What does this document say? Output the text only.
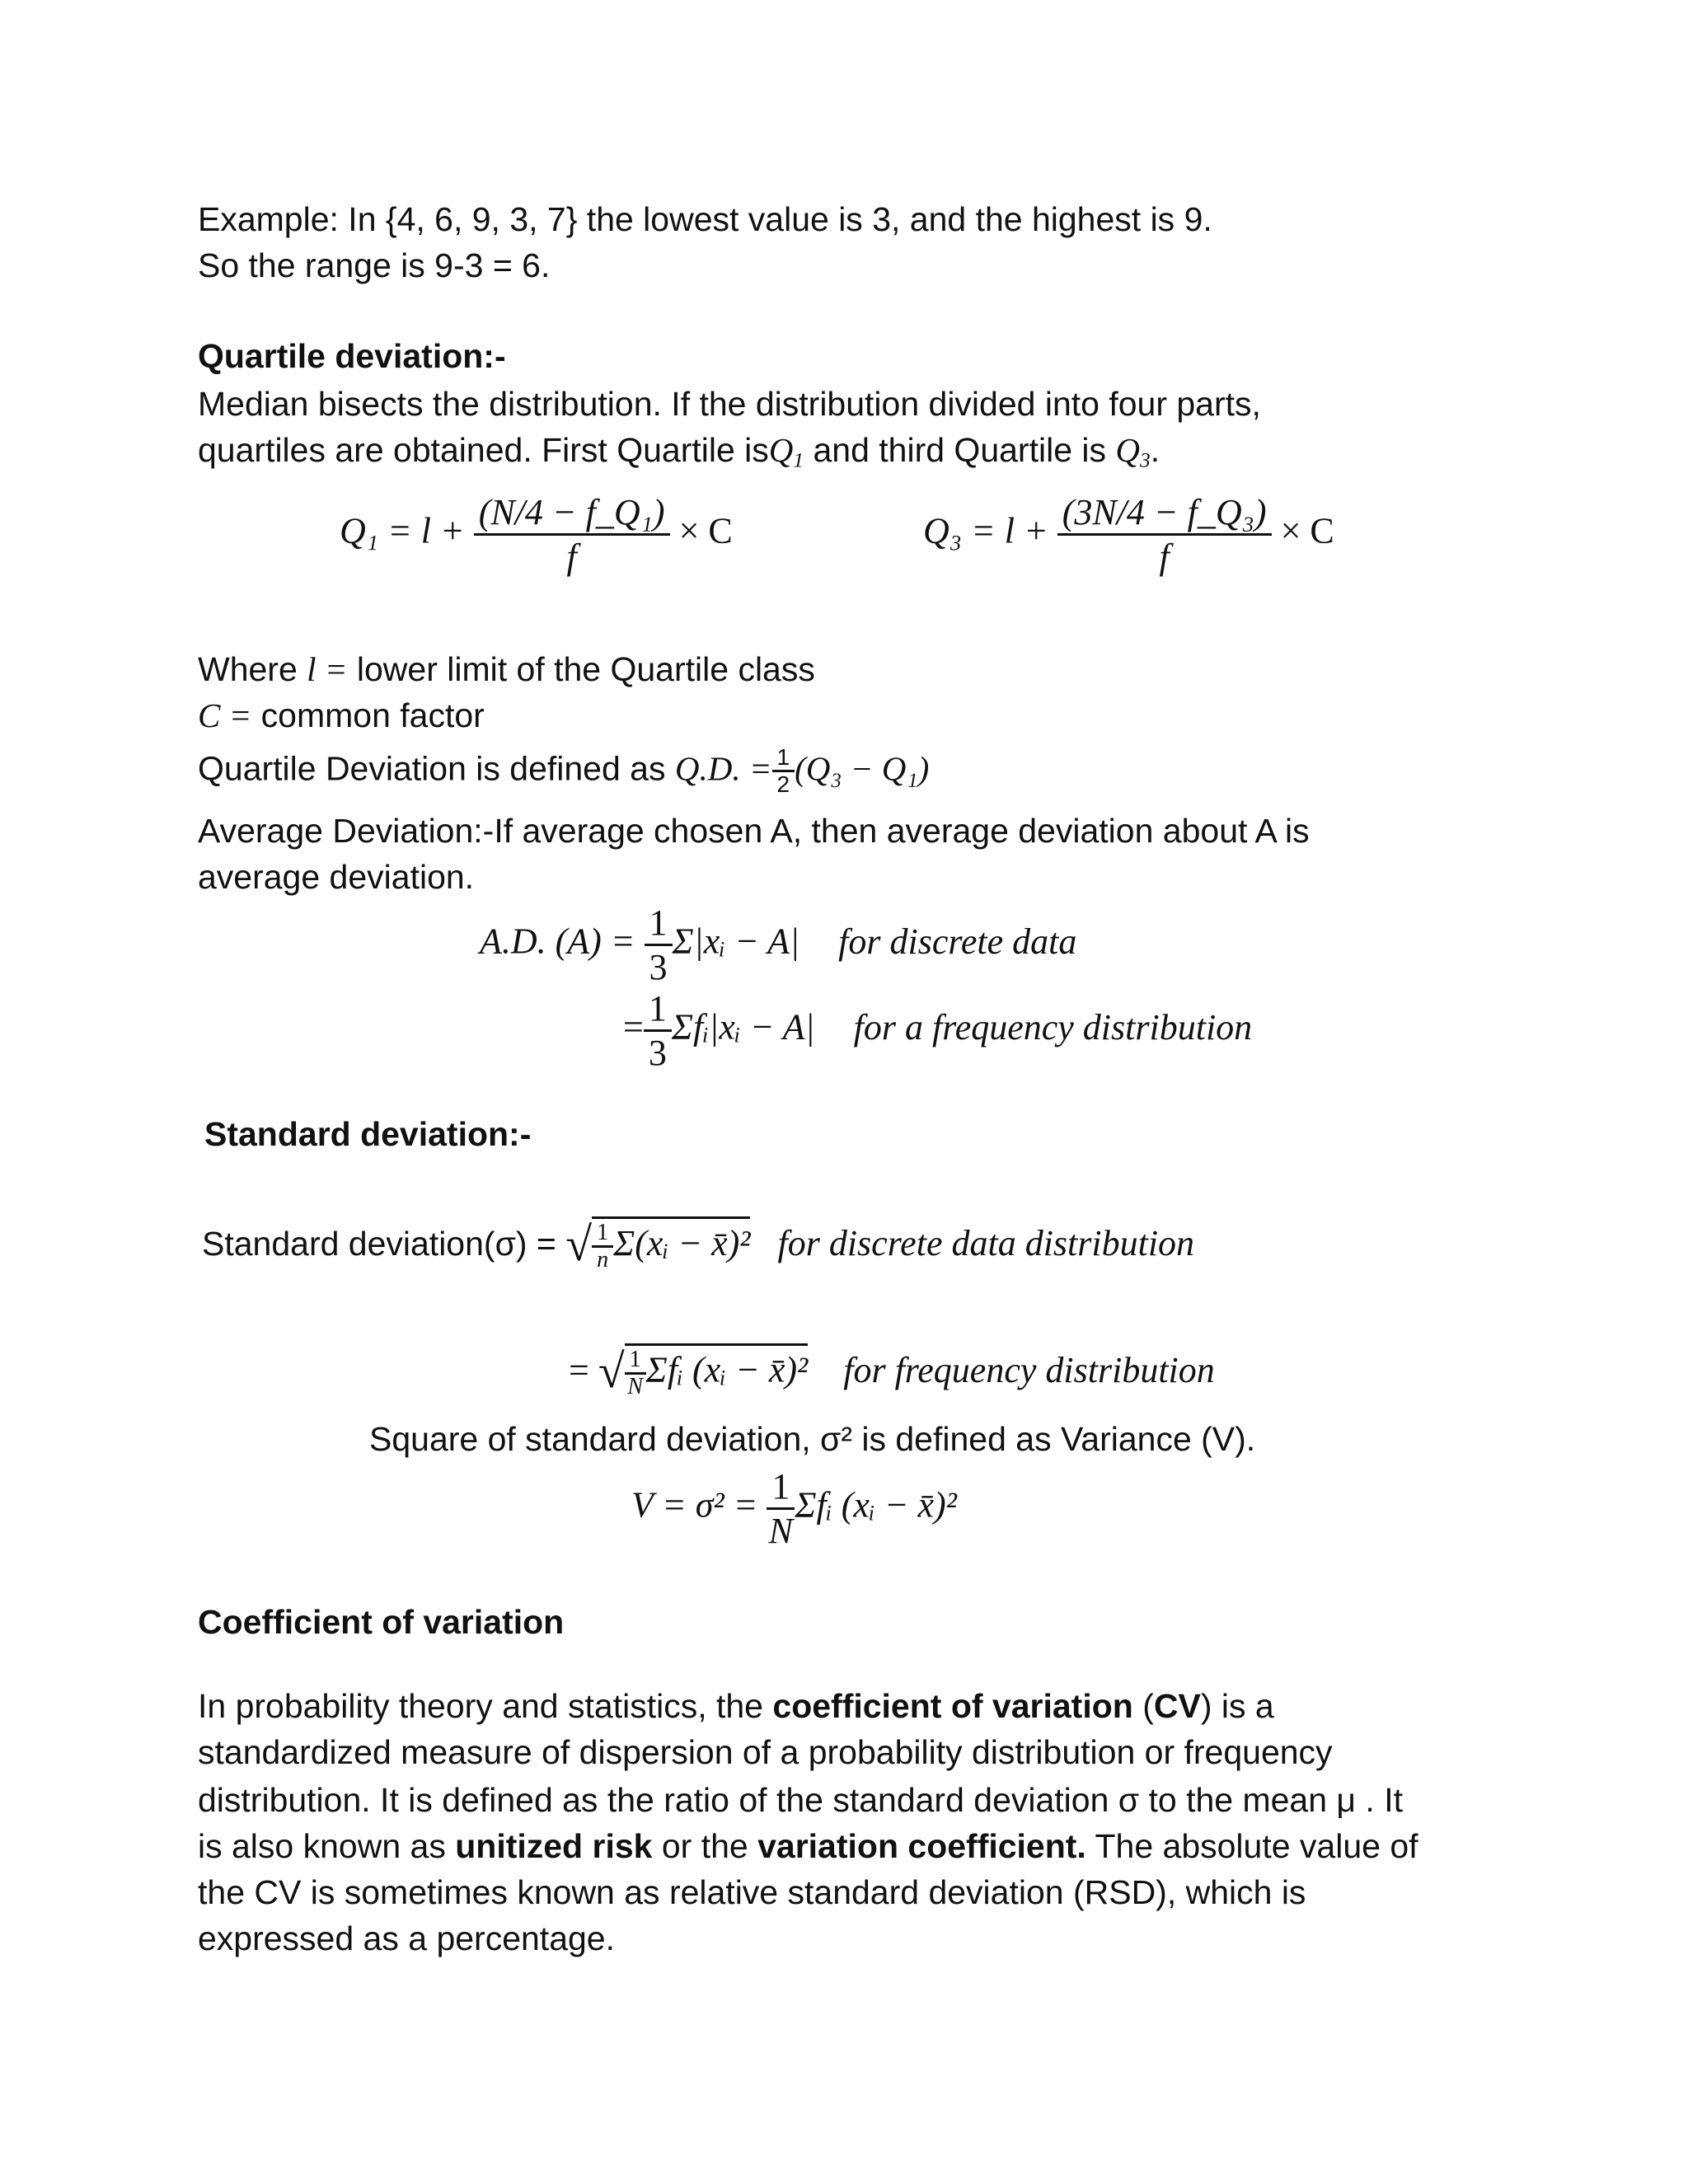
Example: In {4, 6, 9, 3, 7} the lowest value is 3, and the highest is 9.
So the range is 9-3 = 6.
Quartile deviation:-
Median bisects the distribution. If the distribution divided into four parts,
quartiles are obtained. First Quartile isQ$_1$ and third Quartile is $Q_3$.
$Q_1 = l + \frac{\text{(N/4 − f\_Q₁)}}{f} \times C$	$Q_3 = l + \frac{\text{(3N/4 − f\_Q₃)}}{f} \times C$
Where l = lower limit of the Quartile class
C = common factor
Quartile Deviation is defined as Q.D. = $\frac{1}{2} (Q_3 - Q_1)$
Average Deviation:-If average chosen A, then average deviation about A is
average deviation.
A.D. $(A) = \frac{1}{3}$ Σ|xᵢ − A| for discrete data
= $\frac{1}{3}$ Σfᵢ|xᵢ − A| for a frequency distribution
Standard deviation:-
Standard deviation(σ) = √ $\frac{1}{n}$ Σ(xᵢ − x̄)² for discrete data distribution
= √ $\frac{1}{N}$ Σfᵢ (xᵢ − x̄)² for frequency distribution
Square of standard deviation, σ² is defined as Variance (V).
$V = \sigma^2 = \frac{1}{N}$ Σfᵢ (xᵢ − x̄)²
Coefficient of variation
In probability theory and statistics, the coefficient of variation (CV) is a
standardized measure of dispersion of a probability distribution or frequency
distribution. It is defined as the ratio of the standard deviation σ to the mean μ . It
is also known as unitized risk or the variation coefficient. The absolute value of
the CV is sometimes known as relative standard deviation (RSD), which is
expressed as a percentage.
